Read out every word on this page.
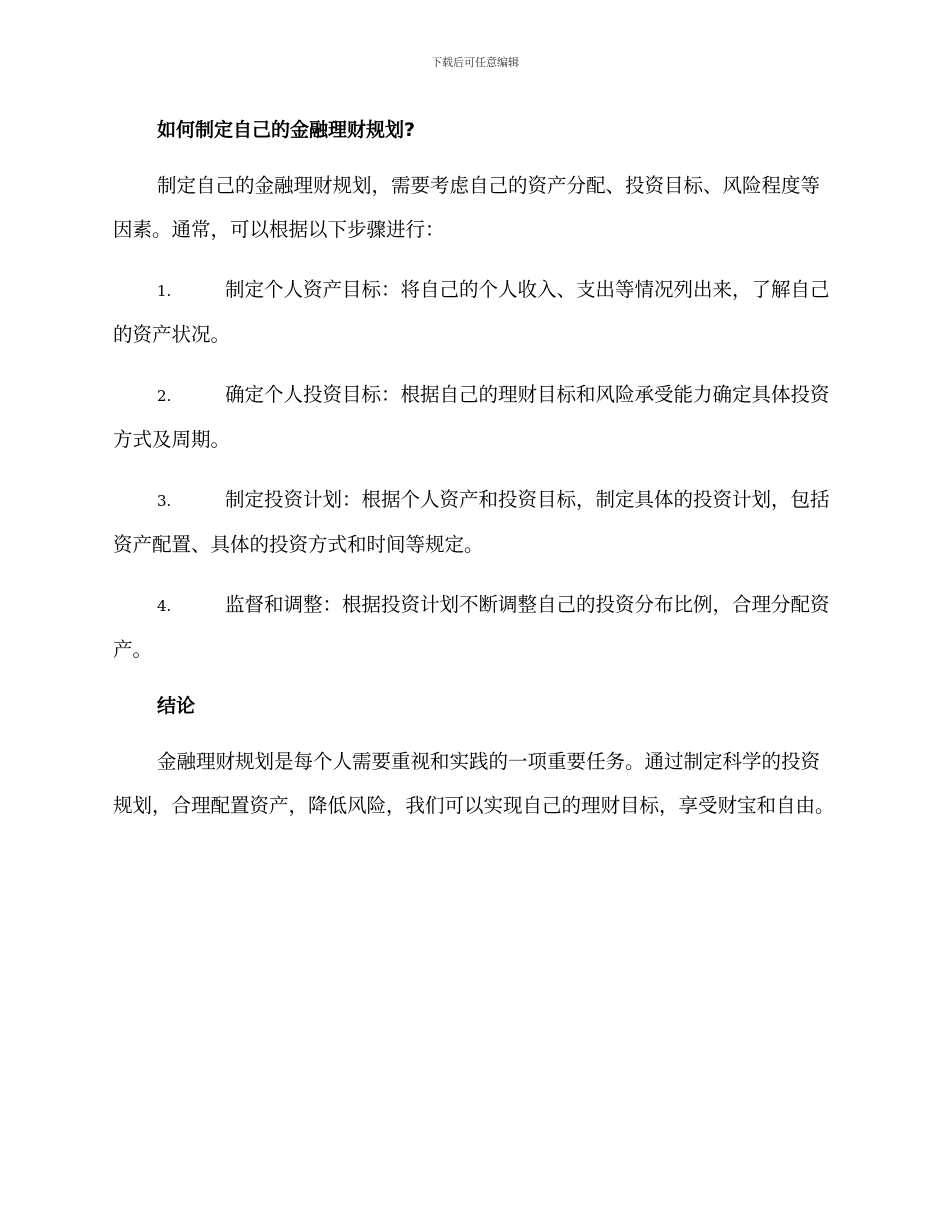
下载后可任意编辑
如何制定自己的金融理财规划?

制定自己的金融理财规划，需要考虑自己的资产分配、投资目标、风险程度等因素。通常，可以根据以下步骤进行：

1.	制定个人资产目标：将自己的个人收入、支出等情况列出来，了解自己的资产状况。

2.	确定个人投资目标：根据自己的理财目标和风险承受能力确定具体投资方式及周期。

3.	制定投资计划：根据个人资产和投资目标，制定具体的投资计划，包括资产配置、具体的投资方式和时间等规定。

4.	监督和调整：根据投资计划不断调整自己的投资分布比例，合理分配资产。

结论

金融理财规划是每个人需要重视和实践的一项重要任务。通过制定科学的投资规划，合理配置资产，降低风险，我们可以实现自己的理财目标，享受财宝和自由。
